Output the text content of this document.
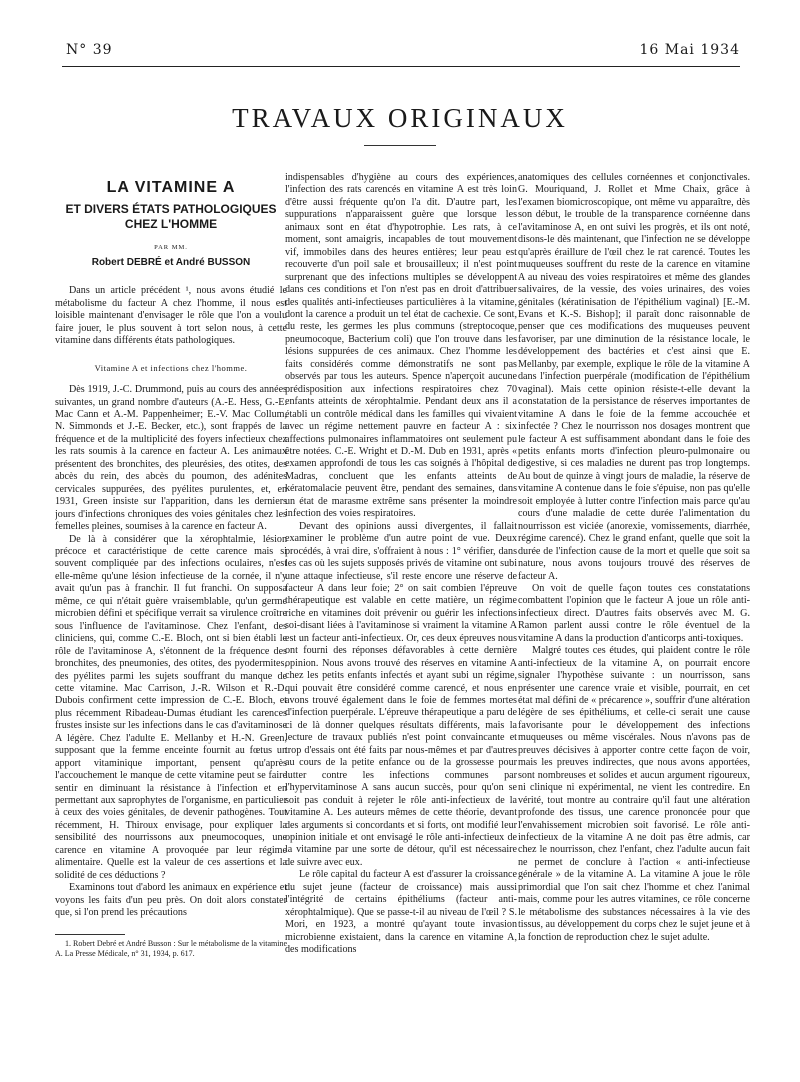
N° 39	16 Mai 1934
TRAVAUX ORIGINAUX

LA VITAMINE A

ET DIVERS ÉTATS PATHOLOGIQUES

CHEZ L'HOMME

PAR MM.

Robert DEBRÉ et André BUSSON

Dans un article précédent ¹, nous avons étudié le métabolisme du facteur A chez l'homme, il nous est loisible maintenant d'envisager le rôle que l'on a voulu faire jouer, le plus souvent à tort selon nous, à cette vitamine dans différents états pathologiques.

Vitamine A et infections chez l'homme.

Dès 1919, J.-C. Drummond, puis au cours des années suivantes, un grand nombre d'auteurs (A.-E. Hess, G.-E. Mac Cann et A.-M. Pappenheimer; E.-V. Mac Collum, N. Simmonds et J.-E. Becker, etc.), sont frappés de la fréquence et de la multiplicité des foyers infectieux chez les rats soumis à la carence en facteur A. Les animaux présentent des bronchites, des pleurésies, des otites, des abcès du rein, des abcès du poumon, des adénites cervicales suppurées, des pyélites purulentes, et, en 1931, Green insiste sur l'apparition, dans les derniers jours d'infections chroniques des voies génitales chez les femelles pleines, soumises à la carence en facteur A.

De là à considérer que la xérophtalmie, lésion précoce et caractéristique de cette carence mais si souvent compliquée par des infections oculaires, n'est elle-même qu'une lésion infectieuse de la cornée, il n'y avait qu'un pas à franchir. Il fut franchi. On supposa même, ce qui n'était guère vraisemblable, qu'un germe microbien défini et spécifique verrait sa virulence croître sous l'influence de l'avitaminose. Chez l'enfant, des cliniciens, qui, comme C.-E. Bloch, ont si bien établi le rôle de l'avitaminose A, s'étonnent de la fréquence des bronchites, des pneumonies, des otites, des pyodermites, des pyélites parmi les sujets souffrant du manque de cette vitamine. Mac Carrison, J.-R. Wilson et R.-D. Dubois confirment cette impression de C.-E. Bloch, et plus récemment Ribadeau-Dumas étudiant les carences frustes insiste sur les infections dans le cas d'avitaminose A légère. Chez l'adulte E. Mellanby et H.-N. Green, supposant que la femme enceinte fournit au fœtus un apport vitaminique important, pensent qu'après l'accouchement le manque de cette vitamine peut se faire sentir en diminuant la résistance à l'infection et en permettant aux saprophytes de l'organisme, en particulier à ceux des voies génitales, de devenir pathogènes. Tout récemment, H. Thiroux envisage, pour expliquer la sensibilité des nourrissons aux pneumocoques, une carence en vitamine A provoquée par leur régime alimentaire. Quelle est la valeur de ces assertions et la solidité de ces déductions ?

Examinons tout d'abord les animaux en expérience et voyons les faits d'un peu près. On doit alors constater que, si l'on prend les précautions

1. Robert Debré et André Busson : Sur le métabolisme de la vitamine A. La Presse Médicale, n° 31, 1934, p. 617.

indispensables d'hygiène au cours des expériences, l'infection des rats carencés en vitamine A est très loin d'être aussi fréquente qu'on l'a dit. D'autre part, les suppurations n'apparaissent guère que lorsque les animaux sont en état d'hypotrophie. Les rats, à ce moment, sont amaigris, incapables de tout mouvement vif, immobiles dans des heures entières; leur peau est recouverte d'un poil sale et brousailleux; il n'est point surprenant que des infections multiples se développent dans ces conditions et l'on n'est pas en droit d'attribuer des qualités anti-infectieuses particulières à la vitamine, dont la carence a produit un tel état de cachexie. Ce sont, du reste, les germes les plus communs (streptocoque, pneumocoque, Bacterium coli) que l'on trouve dans les lésions suppurées de ces animaux. Chez l'homme les faits considérés comme démonstratifs ne sont pas observés par tous les auteurs. Spence n'aperçoit aucune prédisposition aux infections respiratoires chez 70 enfants atteints de xérophtalmie. Pendant deux ans il a établi un contrôle médical dans les familles qui vivaient avec un régime nettement pauvre en facteur A : six affections pulmonaires inflammatoires ont seulement pu être notées. C.-E. Wright et D.-M. Dub en 1931, après « examen approfondi de tous les cas soignés à l'hôpital de Madras, concluent que les enfants atteints de kératomalacie peuvent être, pendant des semaines, dans un état de marasme extrême sans présenter la moindre infection des voies respiratoires.

Devant des opinions aussi divergentes, il fallait examiner le problème d'un autre point de vue. Deux procédés, à vrai dire, s'offraient à nous : 1° vérifier, dans les cas où les sujets supposés privés de vitamine ont subi une attaque infectieuse, s'il reste encore une réserve de facteur A dans leur foie; 2° on sait combien l'épreuve thérapeutique est valable en cette matière, un régime riche en vitamines doit prévenir ou guérir les infections soi-disant liées à l'avitaminose si vraiment la vitamine A est un facteur anti-infectieux. Or, ces deux épreuves nous ont fourni des réponses défavorables à cette dernière opinion. Nous avons trouvé des réserves en vitamine A chez les petits enfants infectés et ayant subi un régime, qui pouvait être considéré comme carencé, et nous en avons trouvé également dans le foie de femmes mortes d'infection puerpérale. L'épreuve thérapeutique a paru de ci de là donner quelques résultats différents, mais la lecture de travaux publiés n'est point convaincante et trop d'essais ont été faits par nous-mêmes et par d'autres au cours de la petite enfance ou de la grossesse pour lutter contre les infections communes par l'hypervitaminose A sans aucun succès, pour qu'on se soit pas conduit à rejeter le rôle anti-infectieux de la vitamine A. Les auteurs mêmes de cette théorie, devant des arguments si concordants et si forts, ont modifié leur opinion initiale et ont envisagé le rôle anti-infectieux de la vitamine par une sorte de détour, qu'il est nécessaire de suivre avec eux.

Le rôle capital du facteur A est d'assurer la croissance du sujet jeune (facteur de croissance) mais aussi l'intégrité de certains épithéliums (facteur anti-xérophtalmique). Que se passe-t-il au niveau de l'œil ? S. Mori, en 1923, a montré qu'ayant toute invasion microbienne existaient, dans la carence en vitamine A, des modifications

anatomiques des cellules cornéennes et conjonctivales. G. Mouriquand, J. Rollet et Mme Chaix, grâce à l'examen biomicroscopique, ont même vu apparaître, dès son début, le trouble de la transparence cornéenne dans l'avitaminose A, en ont suivi les progrès, et ils ont noté, disons-le dès maintenant, que l'infection ne se développe qu'après éraillure de l'œil chez le rat carencé. Toutes les muqueuses souffrent du reste de la carence en vitamine A au niveau des voies respiratoires et même des glandes salivaires, de la vessie, des voies urinaires, des voies génitales (kératinisation de l'épithélium vaginal) [E.-M. Evans et K.-S. Bishop]; il paraît donc raisonnable de penser que ces modifications des muqueuses peuvent favoriser, par une diminution de la résistance locale, le développement des bactéries et c'est ainsi que E. Mellanby, par exemple, explique le rôle de la vitamine A dans l'infection puerpérale (modification de l'épithélium vaginal). Mais cette opinion résiste-t-elle devant la constatation de la persistance de réserves importantes de vitamine A dans le foie de la femme accouchée et infectée ? Chez le nourrisson nos dosages montrent que le facteur A est suffisamment abondant dans le foie des petits enfants morts d'infection pleuro-pulmonaire ou digestive, si ces maladies ne durent pas trop longtemps. Au bout de quinze à vingt jours de maladie, la réserve de vitamine A contenue dans le foie s'épuise, non pas qu'elle soit employée à lutter contre l'infection mais parce qu'au cours d'une maladie de cette durée l'alimentation du nourrisson est viciée (anorexie, vomissements, diarrhée, régime carencé). Chez le grand enfant, quelle que soit la durée de l'infection cause de la mort et quelle que soit sa nature, nous avons toujours trouvé des réserves de facteur A.

On voit de quelle façon toutes ces constatations combattent l'opinion que le facteur A joue un rôle anti-infectieux direct. D'autres faits observés avec M. G. Ramon parlent aussi contre le rôle éventuel de la vitamine A dans la production d'anticorps anti-toxiques.

Malgré toutes ces études, qui plaident contre le rôle anti-infectieux de la vitamine A, on pourrait encore signaler l'hypothèse suivante : un nourrisson, sans présenter une carence vraie et visible, pourrait, en cet état mal défini de « précarence », souffrir d'une altération légère de ses épithéliums, et celle-ci serait une cause favorisante pour le développement des infections muqueuses ou même viscérales. Nous n'avons pas de preuves décisives à apporter contre cette façon de voir, mais les preuves indirectes, que nous avons apportées, sont nombreuses et solides et aucun argument rigoureux, ni clinique ni expérimental, ne vient les contredire. En vérité, tout montre au contraire qu'il faut une altération profonde des tissus, une carence prononcée pour que l'envahissement microbien soit favorisé. Le rôle anti-infectieux de la vitamine A ne doit pas être admis, car chez le nourrisson, chez l'enfant, chez l'adulte aucun fait ne permet de conclure à l'action « anti-infectieuse générale » de la vitamine A. La vitamine A joue le rôle primordial que l'on sait chez l'homme et chez l'animal mais, comme pour les autres vitamines, ce rôle concerne le métabolisme des substances nécessaires à la vie des tissus, au développement du corps chez le sujet jeune et à la fonction de reproduction chez le sujet adulte.
